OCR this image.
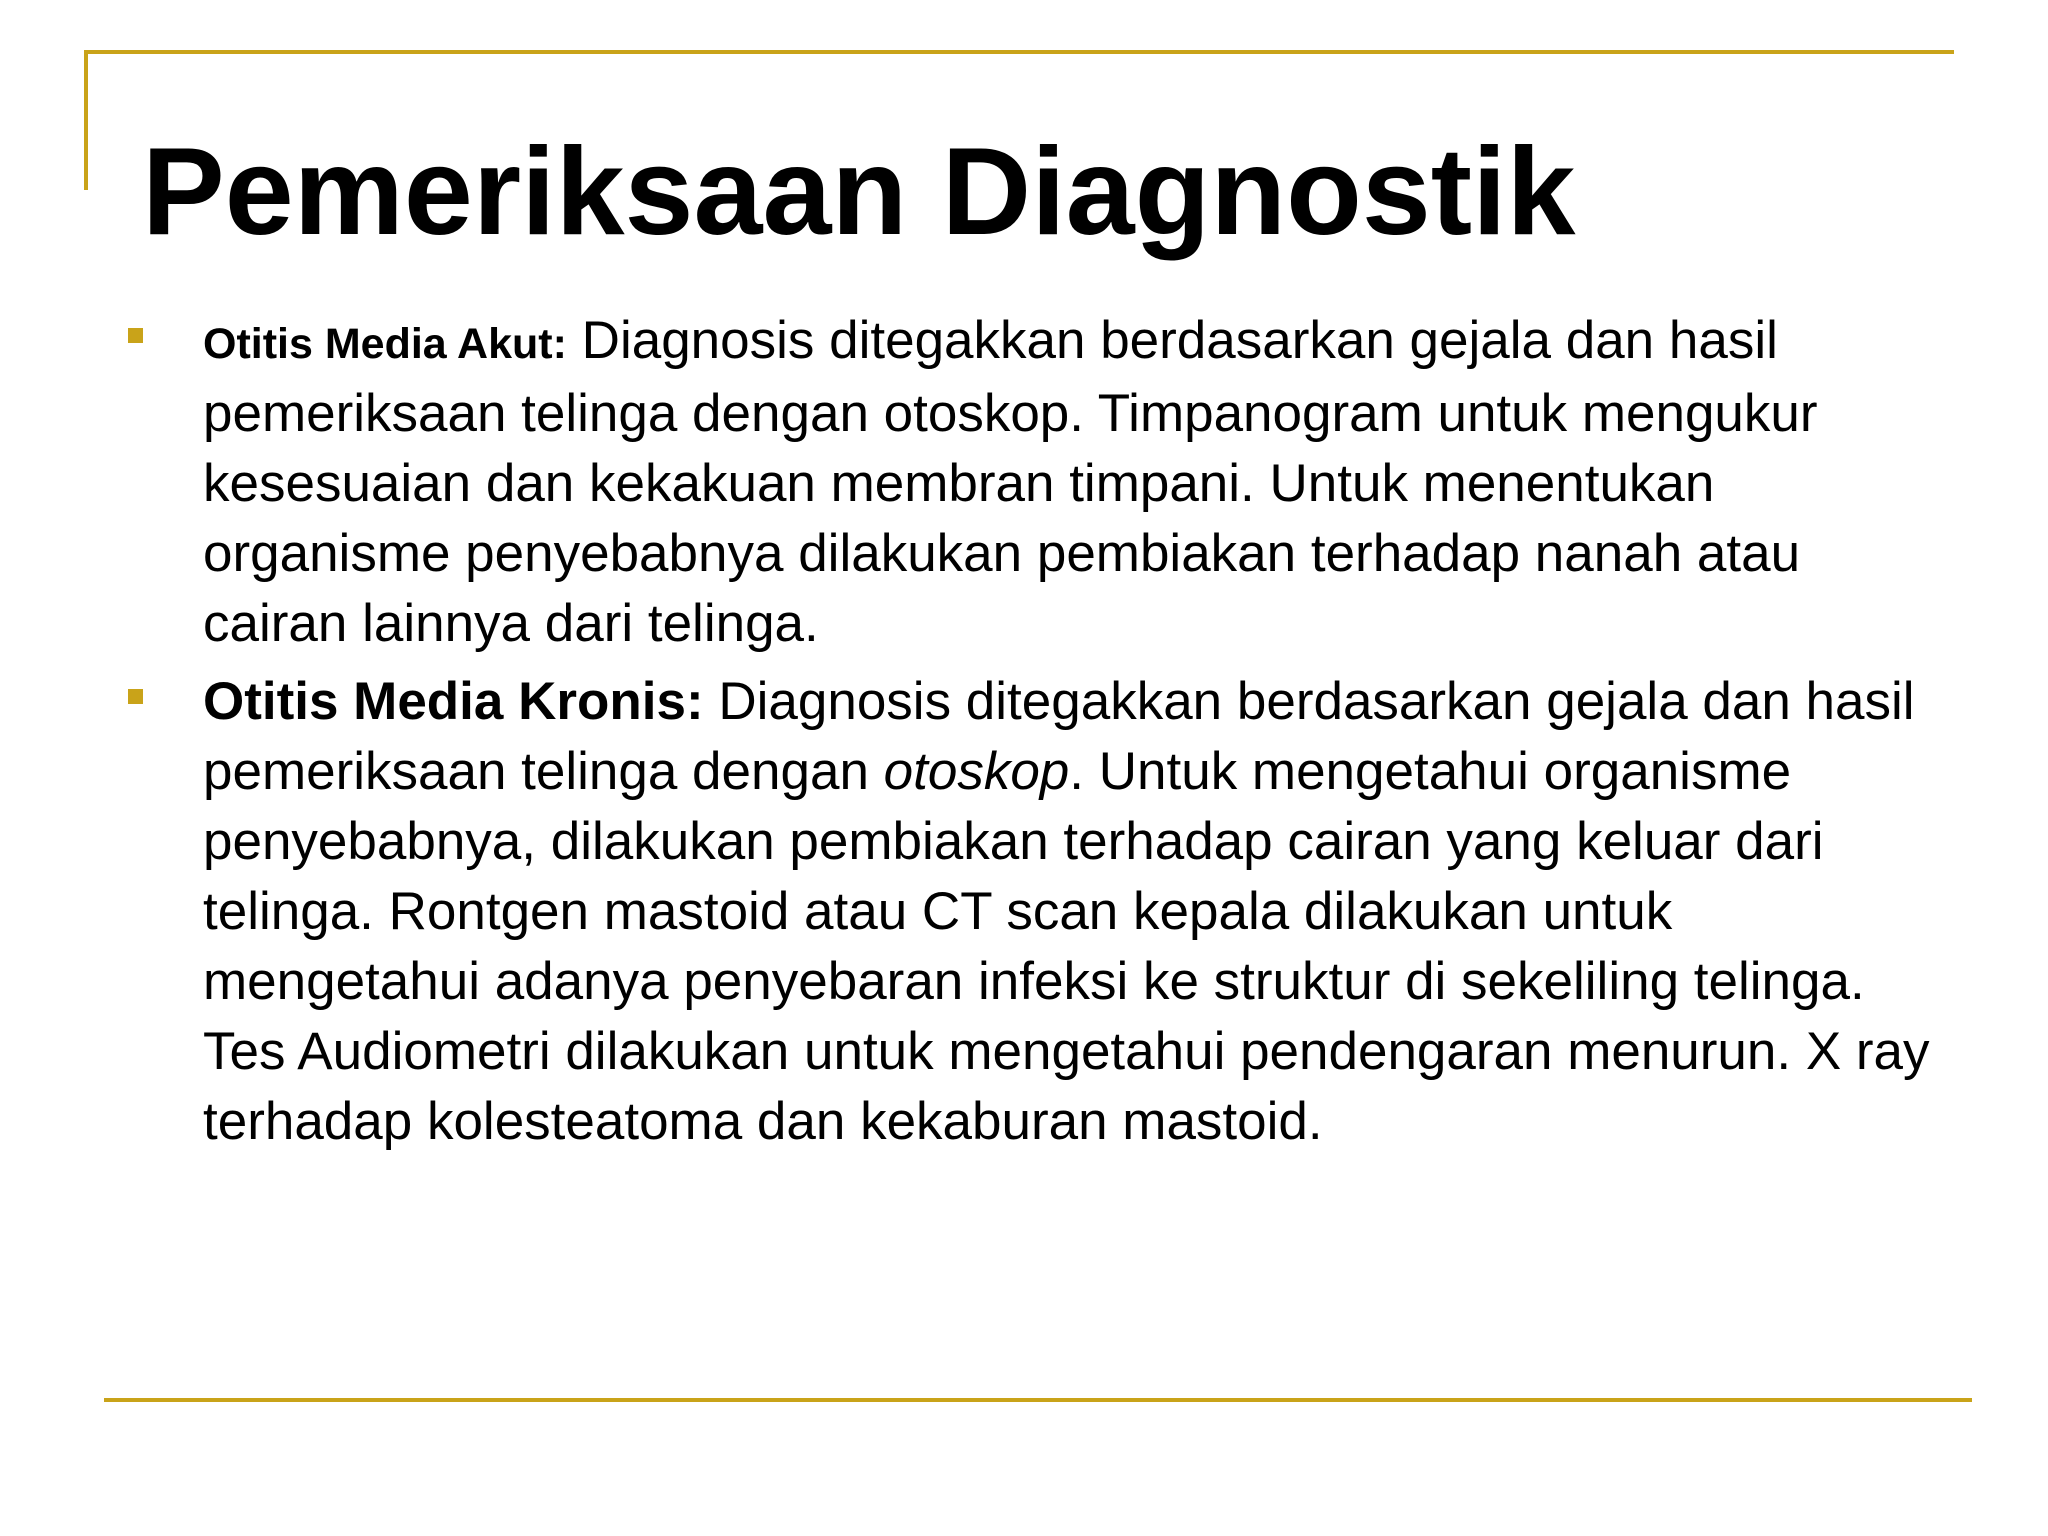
Pemeriksaan Diagnostik
Otitis Media Akut: Diagnosis ditegakkan berdasarkan gejala dan hasil pemeriksaan telinga dengan otoskop. Timpanogram untuk mengukur kesesuaian dan kekakuan membran timpani. Untuk menentukan organisme penyebabnya dilakukan pembiakan terhadap nanah atau cairan lainnya dari telinga.
Otitis Media Kronis: Diagnosis ditegakkan berdasarkan gejala dan hasil pemeriksaan telinga dengan otoskop. Untuk mengetahui organisme penyebabnya, dilakukan pembiakan terhadap cairan yang keluar dari telinga. Rontgen mastoid atau CT scan kepala dilakukan untuk mengetahui adanya penyebaran infeksi ke struktur di sekeliling telinga. Tes Audiometri dilakukan untuk mengetahui pendengaran menurun. X ray terhadap kolesteatoma dan kekaburan mastoid.
